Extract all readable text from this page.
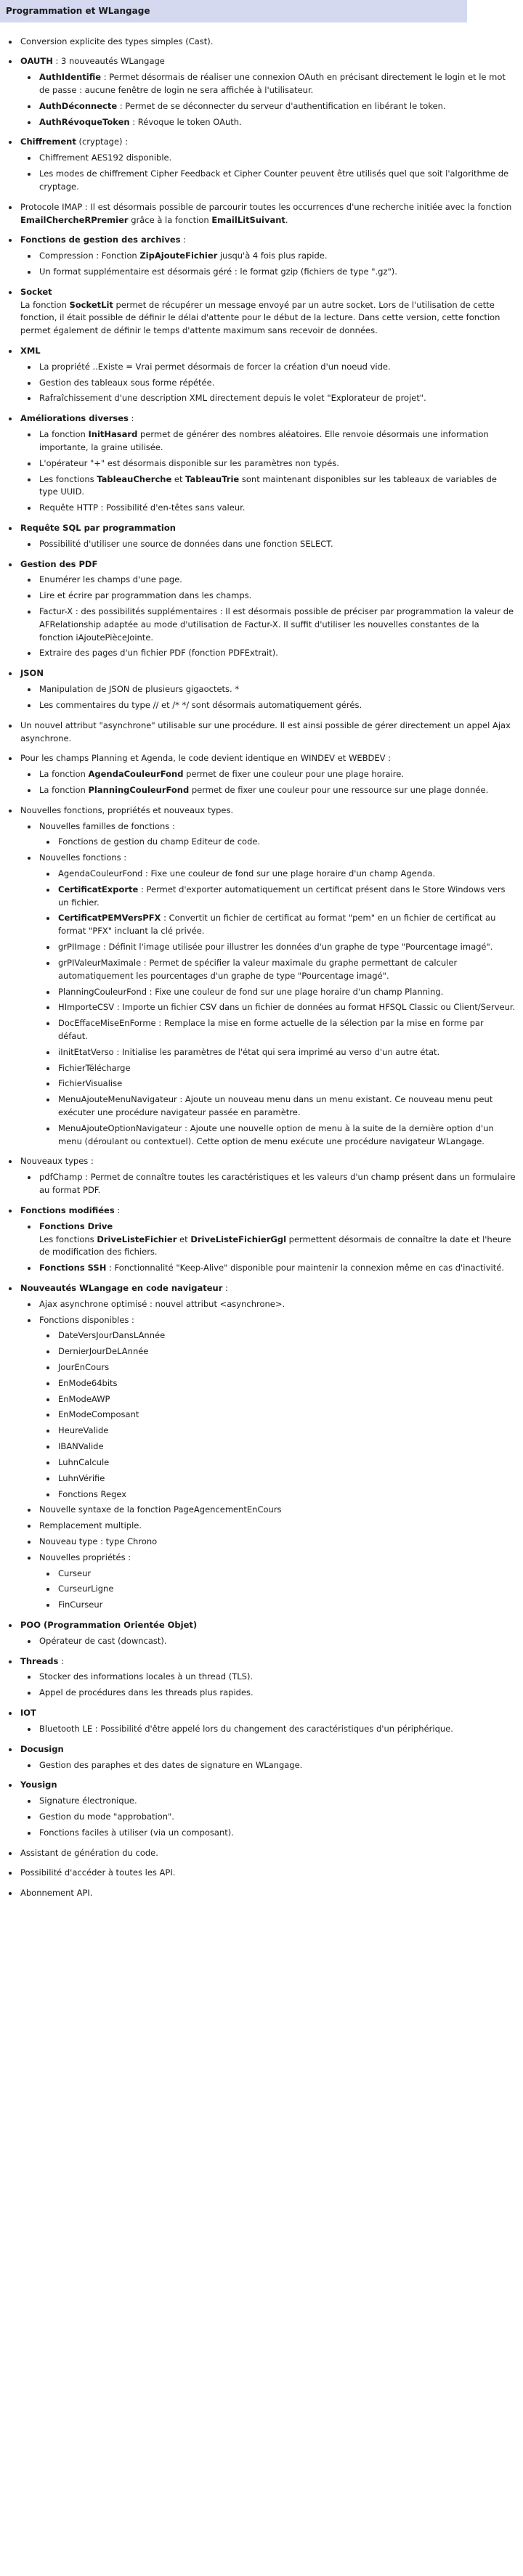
Programmation et WLangage
Conversion explicite des types simples (Cast).
OAUTH : 3 nouveautés WLangage
AuthIdentifie : Permet désormais de réaliser une connexion OAuth en précisant directement le login et le mot de passe : aucune fenêtre de login ne sera affichée à l'utilisateur.
AuthDéconnecte : Permet de se déconnecter du serveur d'authentification en libérant le token.
AuthRévoqueToken : Révoque le token OAuth.
Chiffrement (cryptage) :
Chiffrement AES192 disponible.
Les modes de chiffrement Cipher Feedback et Cipher Counter peuvent être utilisés quel que soit l'algorithme de cryptage.
Protocole IMAP : Il est désormais possible de parcourir toutes les occurrences d'une recherche initiée avec la fonction EmailChercheRPremier grâce à la fonction EmailLitSuivant.
Fonctions de gestion des archives :
Compression : Fonction ZipAjouteFichier jusqu'à 4 fois plus rapide.
Un format supplémentaire est désormais géré : le format gzip (fichiers de type ".gz").
Socket
La fonction SocketLit permet de récupérer un message envoyé par un autre socket. Lors de l'utilisation de cette fonction, il était possible de définir le délai d'attente pour le début de la lecture. Dans cette version, cette fonction permet également de définir le temps d'attente maximum sans recevoir de données.
XML
La propriété ..Existe = Vrai permet désormais de forcer la création d'un noeud vide.
Gestion des tableaux sous forme répétée.
Rafraîchissement d'une description XML directement depuis le volet "Explorateur de projet".
Améliorations diverses :
La fonction InitHasard permet de générer des nombres aléatoires. Elle renvoie désormais une information importante, la graine utilisée.
L'opérateur "+" est désormais disponible sur les paramètres non typés.
Les fonctions TableauCherche et TableauTrie sont maintenant disponibles sur les tableaux de variables de type UUID.
Requête HTTP : Possibilité d'en-têtes sans valeur.
Requête SQL par programmation
Possibilité d'utiliser une source de données dans une fonction SELECT.
Gestion des PDF
Enumérer les champs d'une page.
Lire et écrire par programmation dans les champs.
Factur-X : des possibilités supplémentaires : Il est désormais possible de préciser par programmation la valeur de AFRelationship adaptée au mode d'utilisation de Factur-X. Il suffit d'utiliser les nouvelles constantes de la fonction iAjoutePièceJointe.
Extraire des pages d'un fichier PDF (fonction PDFExtrait).
JSON
Manipulation de JSON de plusieurs gigaoctets. *
Les commentaires du type // et /* */ sont désormais automatiquement gérés.
Un nouvel attribut "asynchrone" utilisable sur une procédure. Il est ainsi possible de gérer directement un appel Ajax asynchrone.
Pour les champs Planning et Agenda, le code devient identique en WINDEV et WEBDEV :
La fonction AgendaCouleurFond permet de fixer une couleur pour une plage horaire.
La fonction PlanningCouleurFond permet de fixer une couleur pour une ressource sur une plage donnée.
Nouvelles fonctions, propriétés et nouveaux types.
Nouvelles familles de fonctions :
Fonctions de gestion du champ Editeur de code.
Nouvelles fonctions :
AgendaCouleurFond : Fixe une couleur de fond sur une plage horaire d'un champ Agenda.
CertificatExporte : Permet d'exporter automatiquement un certificat présent dans le Store Windows vers un fichier.
CertificatPEMVersPFX : Convertit un fichier de certificat au format "pem" en un fichier de certificat au format "PFX" incluant la clé privée.
grPIImage : Définit l'image utilisée pour illustrer les données d'un graphe de type "Pourcentage imagé".
grPIValeurMaximale : Permet de spécifier la valeur maximale du graphe permettant de calculer automatiquement les pourcentages d'un graphe de type "Pourcentage imagé".
PlanningCouleurFond : Fixe une couleur de fond sur une plage horaire d'un champ Planning.
HImporteCSV : Importe un fichier CSV dans un fichier de données au format HFSQL Classic ou Client/Serveur.
DocEffaceMiseEnForme : Remplace la mise en forme actuelle de la sélection par la mise en forme par défaut.
iInitEtatVerso : Initialise les paramètres de l'état qui sera imprimé au verso d'un autre état.
FichierTélécharge
FichierVisualise
MenuAjouteMenuNavigateur : Ajoute un nouveau menu dans un menu existant. Ce nouveau menu peut exécuter une procédure navigateur passée en paramètre.
MenuAjouteOptionNavigateur : Ajoute une nouvelle option de menu à la suite de la dernière option d'un menu (déroulant ou contextuel). Cette option de menu exécute une procédure navigateur WLangage.
Nouveaux types :
pdfChamp : Permet de connaître toutes les caractéristiques et les valeurs d'un champ présent dans un formulaire au format PDF.
Fonctions modifiées :
Fonctions Drive
Les fonctions DriveListeFichier et DriveListeFichierGgl permettent désormais de connaître la date et l'heure de modification des fichiers.
Fonctions SSH : Fonctionnalité "Keep-Alive" disponible pour maintenir la connexion même en cas d'inactivité.
Nouveautés WLangage en code navigateur :
Ajax asynchrone optimisé : nouvel attribut <asynchrone>.
Fonctions disponibles :
DateVersJourDansLAnnée
DernierJourDeLAnnée
JourEnCours
EnMode64bits
EnModeAWP
EnModeComposant
HeureValide
IBANValide
LuhnCalcule
LuhnVérifie
Fonctions Regex
Nouvelle syntaxe de la fonction PageAgencementEnCours
Remplacement multiple.
Nouveau type : type Chrono
Nouvelles propriétés :
Curseur
CurseurLigne
FinCurseur
POO (Programmation Orientée Objet)
Opérateur de cast (downcast).
Threads :
Stocker des informations locales à un thread (TLS).
Appel de procédures dans les threads plus rapides.
IOT
Bluetooth LE : Possibilité d'être appelé lors du changement des caractéristiques d'un périphérique.
Docusign
Gestion des paraphes et des dates de signature en WLangage.
Yousign
Signature électronique.
Gestion du mode "approbation".
Fonctions faciles à utiliser (via un composant).
Assistant de génération du code.
Possibilité d'accéder à toutes les API.
Abonnement API.
